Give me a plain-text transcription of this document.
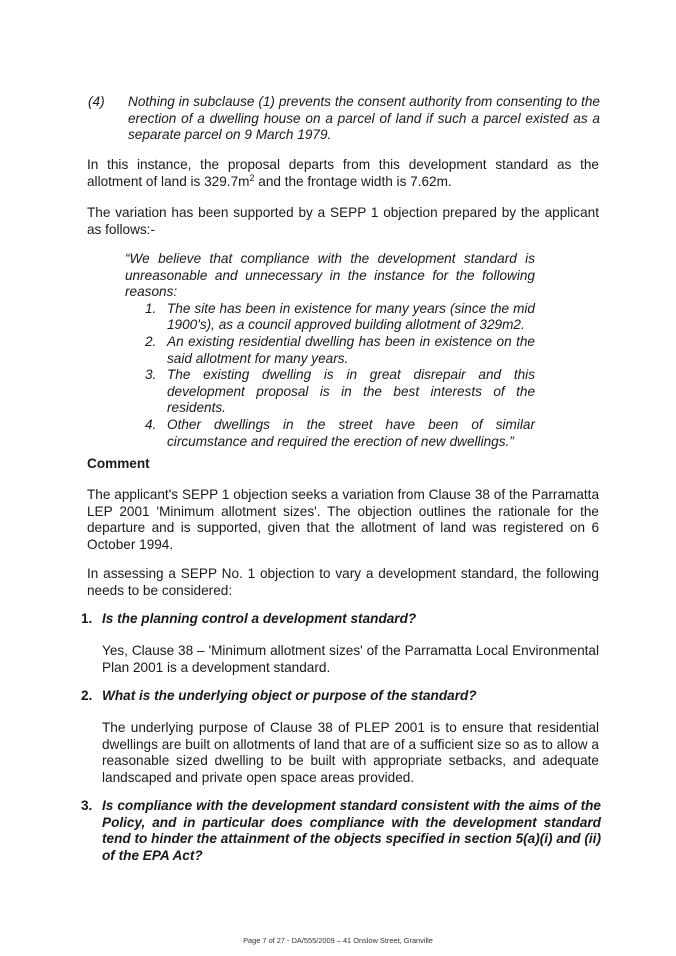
(4) Nothing in subclause (1) prevents the consent authority from consenting to the erection of a dwelling house on a parcel of land if such a parcel existed as a separate parcel on 9 March 1979.

In this instance, the proposal departs from this development standard as the allotment of land is $329.7m^2$ and the frontage width is 7.62m.

The variation has been supported by a SEPP 1 objection prepared by the applicant as follows:-

“We believe that compliance with the development standard is unreasonable and unnecessary in the instance for the following reasons:

1. The site has been in existence for many years (since the mid 1900's), as a council approved building allotment of 329m2.
2. An existing residential dwelling has been in existence on the said allotment for many years.
3. The existing dwelling is in great disrepair and this development proposal is in the best interests of the residents.
4. Other dwellings in the street have been of similar circumstance and required the erection of new dwellings.”

Comment

The applicant's SEPP 1 objection seeks a variation from Clause 38 of the Parramatta LEP 2001 'Minimum allotment sizes'. The objection outlines the rationale for the departure and is supported, given that the allotment of land was registered on 6 October 1994.

In assessing a SEPP No. 1 objection to vary a development standard, the following needs to be considered:

1. Is the planning control a development standard?

Yes, Clause 38 – 'Minimum allotment sizes' of the Parramatta Local Environmental Plan 2001 is a development standard.

2. What is the underlying object or purpose of the standard?

The underlying purpose of Clause 38 of PLEP 2001 is to ensure that residential dwellings are built on allotments of land that are of a sufficient size so as to allow a reasonable sized dwelling to be built with appropriate setbacks, and adequate landscaped and private open space areas provided.

3. Is compliance with the development standard consistent with the aims of the Policy, and in particular does compliance with the development standard tend to hinder the attainment of the objects specified in section 5(a)(i) and (ii) of the EPA Act?

Page 7 of 27 - DA/555/2009 – 41 Onslow Street, Granville
